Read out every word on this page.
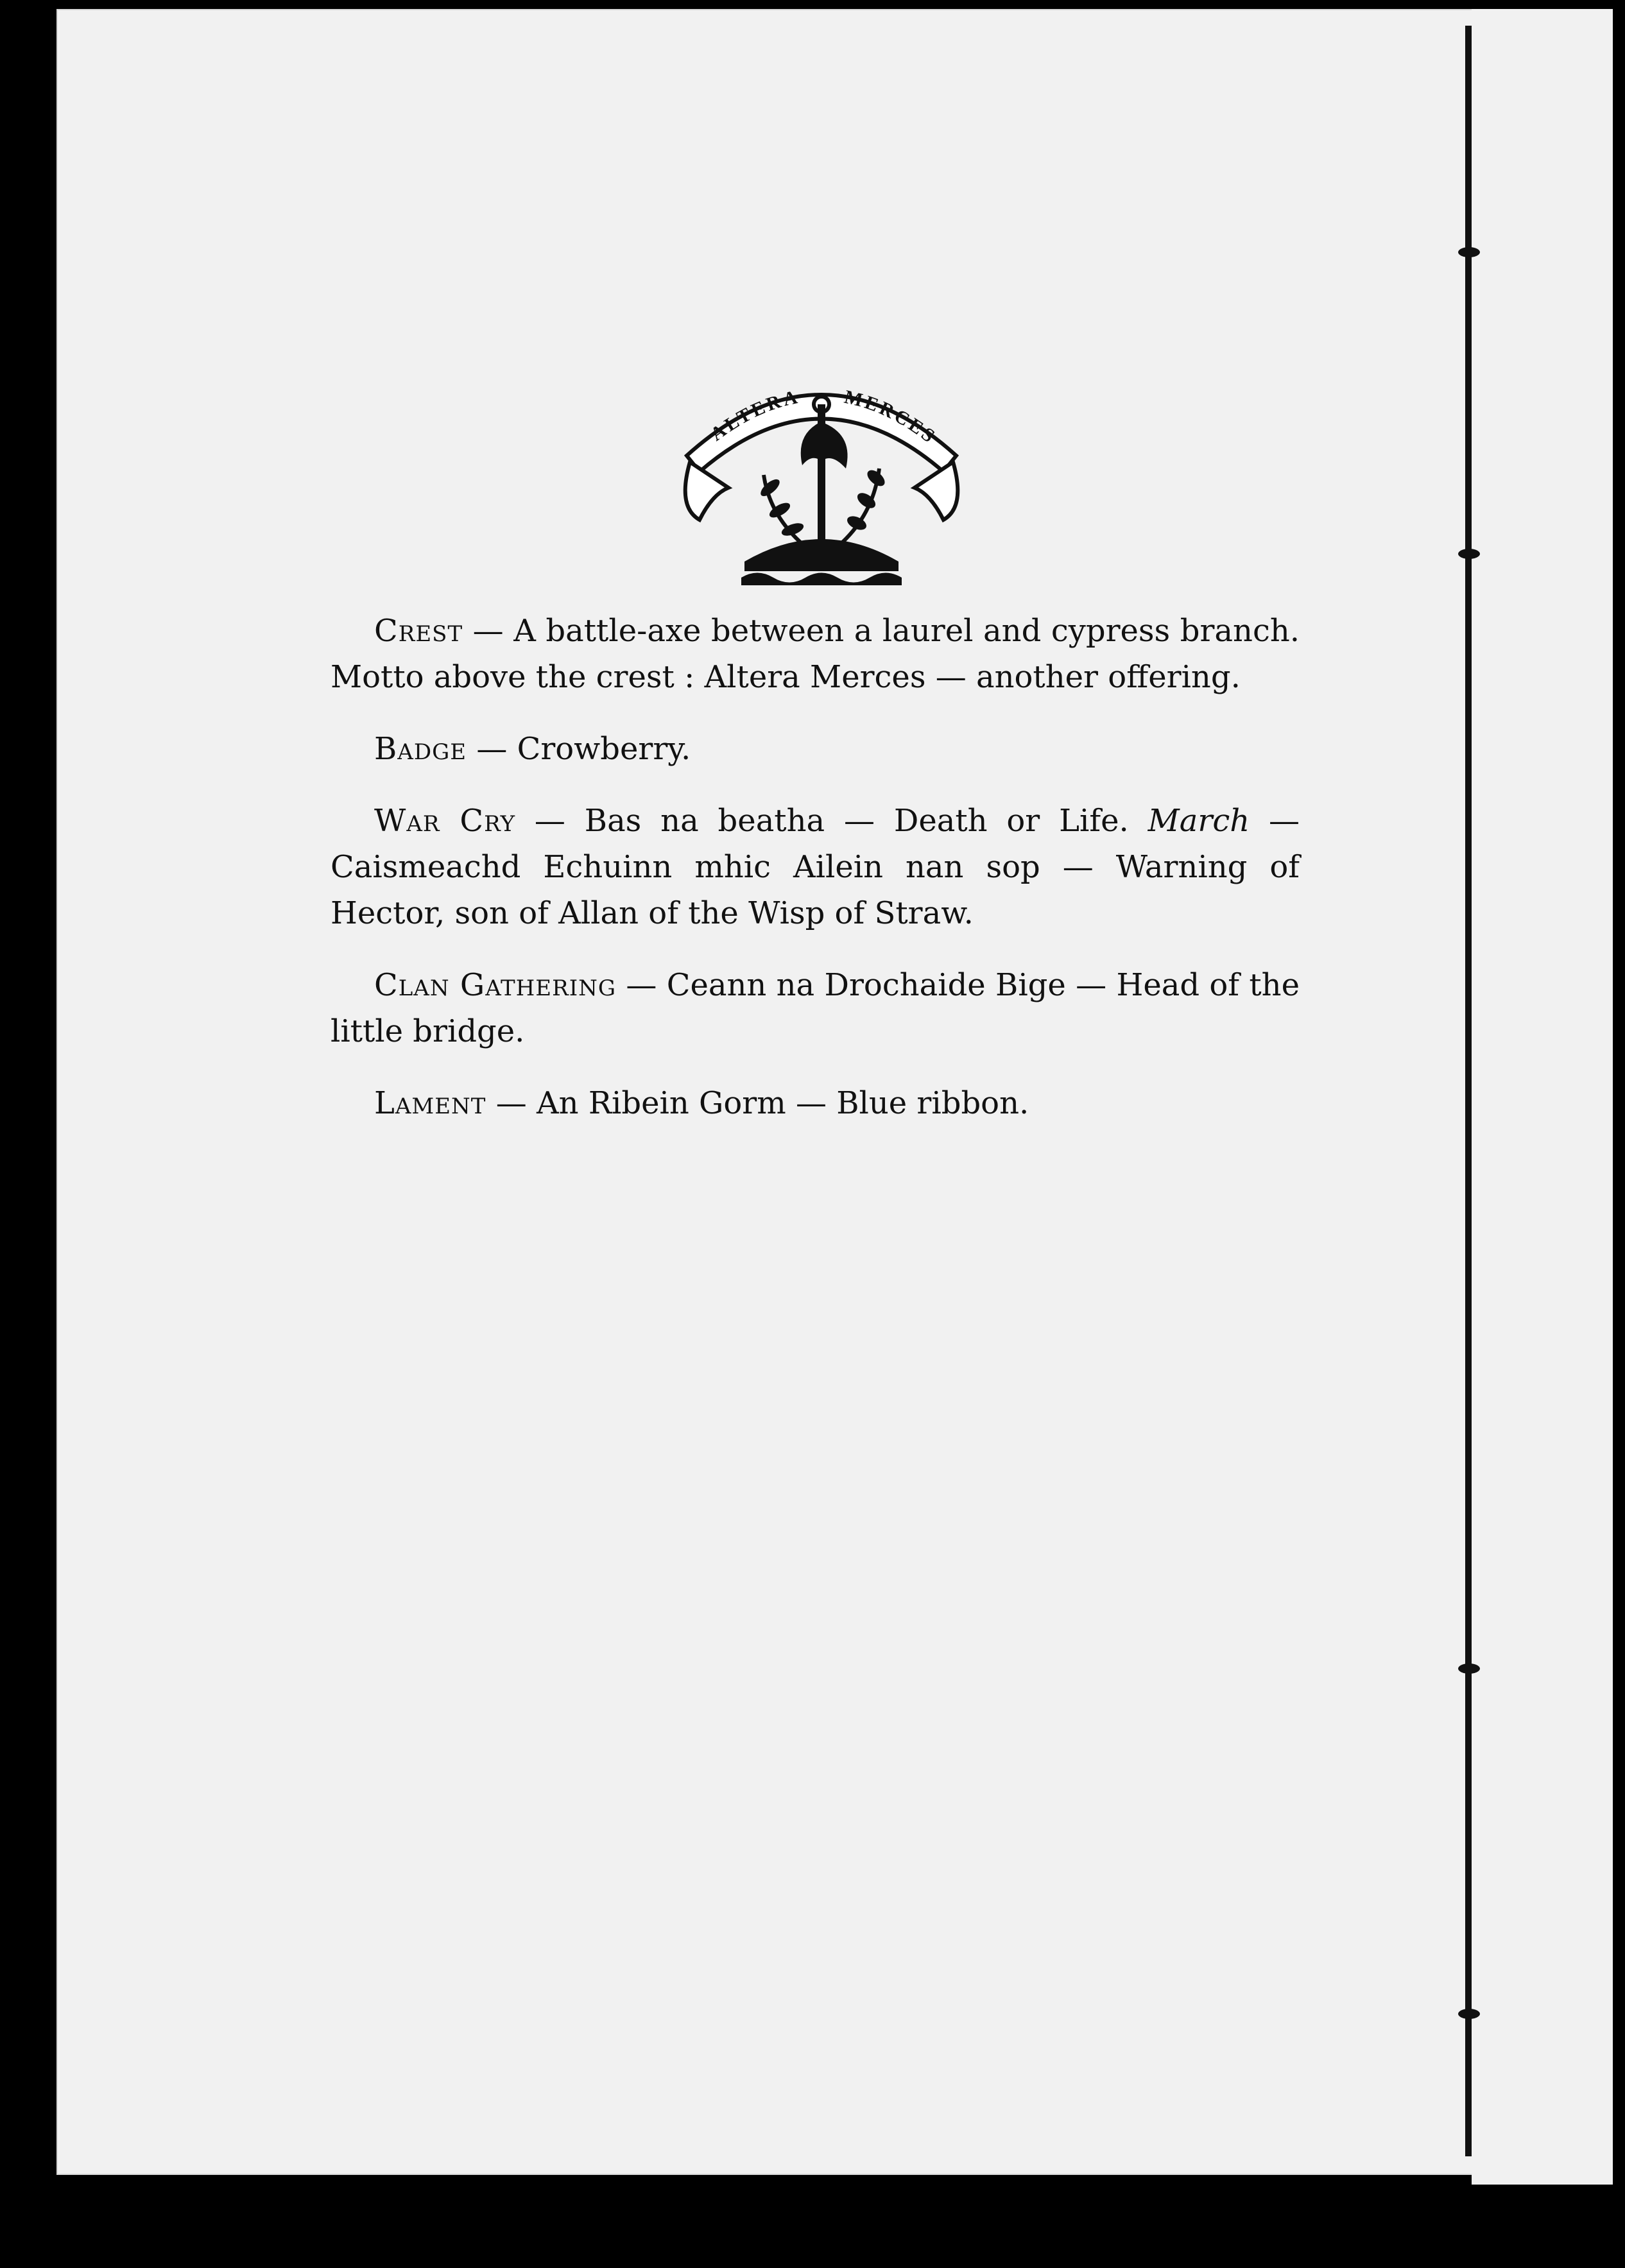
ALTERA MERCES

Crest — A battle-axe between a laurel and cypress branch. Motto above the crest : Altera Merces — another offering.

Badge — Crowberry.

War Cry — Bas na beatha — Death or Life. March — Caismeachd Echuinn mhic Ailein nan sop — Warning of Hector, son of Allan of the Wisp of Straw.

Clan Gathering — Ceann na Drochaide Bige — Head of the little bridge.

Lament — An Ribein Gorm — Blue ribbon.
